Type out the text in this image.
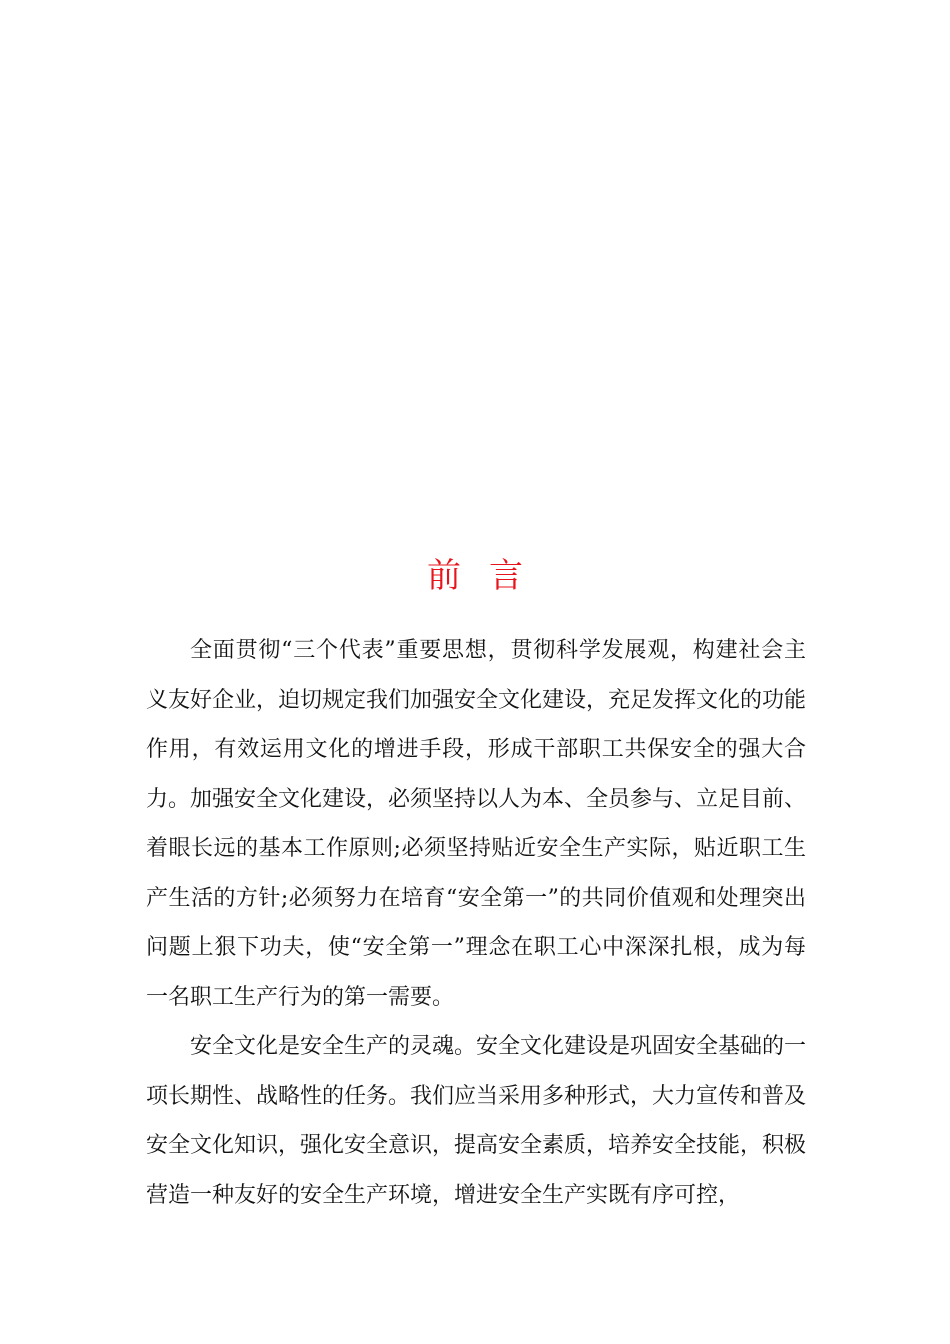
前言

全面贯彻“三个代表”重要思想，贯彻科学发展观，构建社会主义友好企业，迫切规定我们加强安全文化建设，充足发挥文化的功能作用，有效运用文化的增进手段，形成干部职工共保安全的强大合力。加强安全文化建设，必须坚持以人为本、全员参与、立足目前、着眼长远的基本工作原则;必须坚持贴近安全生产实际，贴近职工生产生活的方针;必须努力在培育“安全第一”的共同价值观和处理突出问题上狠下功夫，使“安全第一”理念在职工心中深深扎根，成为每一名职工生产行为的第一需要。

安全文化是安全生产的灵魂。安全文化建设是巩固安全基础的一项长期性、战略性的任务。我们应当采用多种形式，大力宣传和普及安全文化知识，强化安全意识，提高安全素质，培养安全技能，积极营造一种友好的安全生产环境，增进安全生产实既有序可控，
